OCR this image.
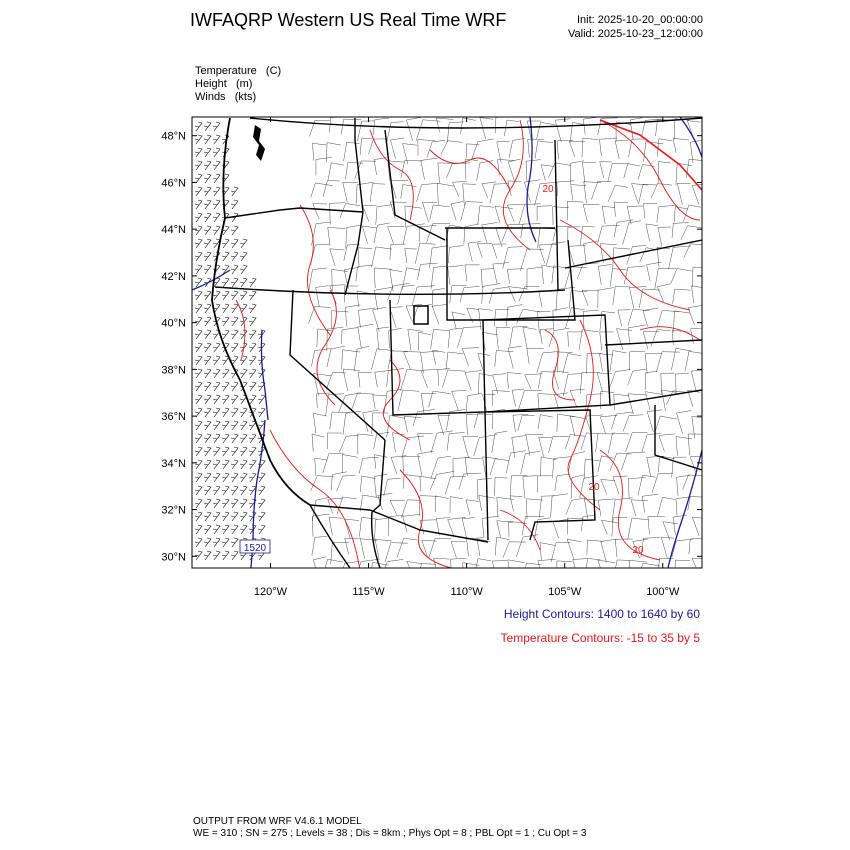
IWFAQRP Western US Real Time WRF	Init: 2025-10-20_00:00:00
Valid: 2025-10-23_12:00:00
Temperature   (C)
Height   (m)
Winds   (kts)
48°N
46°N
44°N
42°N
40°N
38°N
36°N
34°N
32°N
30°N
120°W	115°W	110°W	105°W	100°W
1520
20
20
20
Height Contours: 1400 to 1640 by 60
Temperature Contours: -15 to 35 by 5
OUTPUT FROM WRF V4.6.1 MODEL
WE = 310 ; SN = 275 ; Levels = 38 ; Dis = 8km ; Phys Opt = 8 ; PBL Opt = 1 ; Cu Opt = 3
